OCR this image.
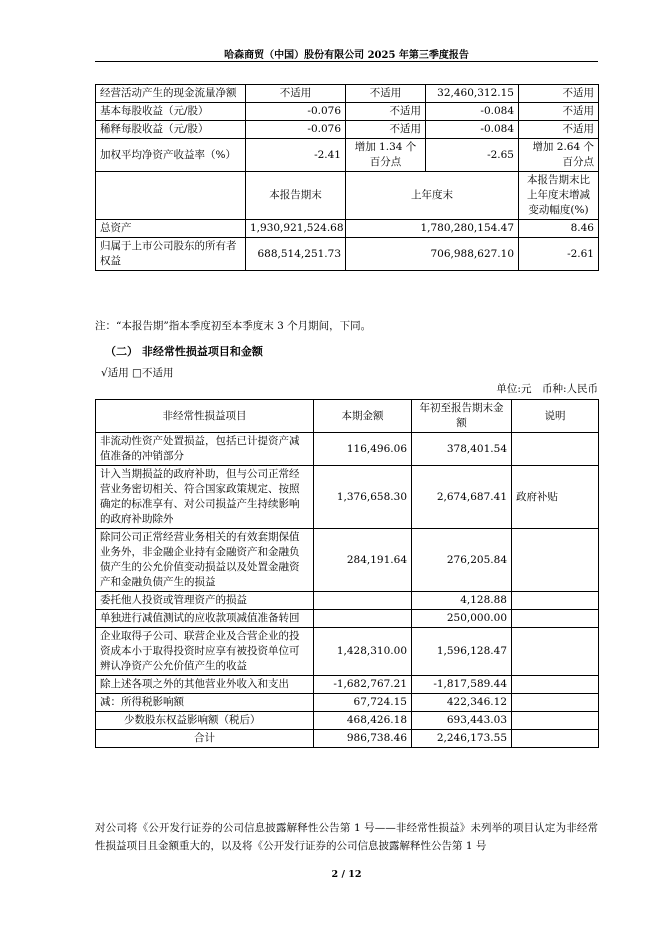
哈森商贸（中国）股份有限公司 2025 年第三季度报告
经营活动产生的现金流量净额	不适用	不适用	32,460,312.15	不适用
基本每股收益（元/股）	-0.076	不适用	-0.084	不适用
稀释每股收益（元/股）	-0.076	不适用	-0.084	不适用
加权平均净资产收益率（%）	-2.41	增加 1.34 个百分点	-2.65	增加 2.64 个百分点
	本报告期末	上年度末		本报告期末比上年度末增减变动幅度(%)
总资产	1,930,921,524.68	1,780,280,154.47		8.46
归属于上市公司股东的所有者权益	688,514,251.73	706,988,627.10		-2.61
注：“本报告期”指本季度初至本季度末 3 个月期间，下同。
（二） 非经常性损益项目和金额
√适用 □不适用
单位:元　币种:人民币
非经常性损益项目	本期金额	年初至报告期末金额	说明
非流动性资产处置损益，包括已计提资产减值准备的冲销部分	116,496.06	378,401.54	
计入当期损益的政府补助，但与公司正常经营业务密切相关、符合国家政策规定、按照确定的标准享有、对公司损益产生持续影响的政府补助除外	1,376,658.30	2,674,687.41	政府补贴
除同公司正常经营业务相关的有效套期保值业务外，非金融企业持有金融资产和金融负债产生的公允价值变动损益以及处置金融资产和金融负债产生的损益	284,191.64	276,205.84	
委托他人投资或管理资产的损益		4,128.88	
单独进行减值测试的应收款项减值准备转回		250,000.00	
企业取得子公司、联营企业及合营企业的投资成本小于取得投资时应享有被投资单位可辨认净资产公允价值产生的收益	1,428,310.00	1,596,128.47	
除上述各项之外的其他营业外收入和支出	-1,682,767.21	-1,817,589.44	
减：所得税影响额	67,724.15	422,346.12	
少数股东权益影响额（税后）	468,426.18	693,443.03	
合计	986,738.46	2,246,173.55	
对公司将《公开发行证券的公司信息披露解释性公告第 1 号——非经常性损益》未列举的项目认定为非经常性损益项目且金额重大的，以及将《公开发行证券的公司信息披露解释性公告第 1 号
2 / 12
